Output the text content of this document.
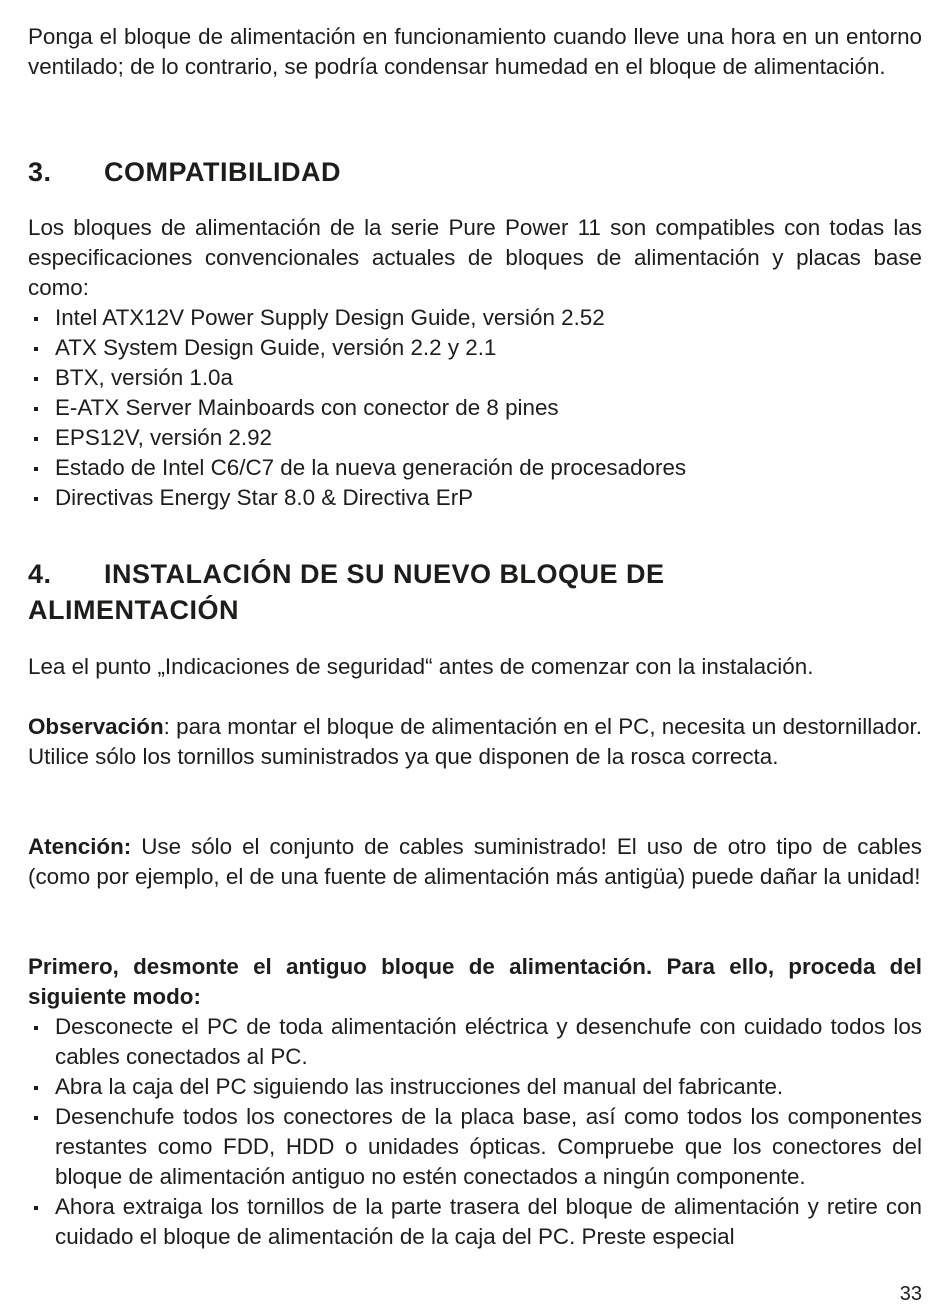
Ponga el bloque de alimentación en funcionamiento cuando lleve una hora en un entorno ventilado; de lo contrario, se podría condensar humedad en el bloque de alimentación.

3. COMPATIBILIDAD

Los bloques de alimentación de la serie Pure Power 11 son compatibles con todas las especificaciones convencionales actuales de bloques de alimentación y placas base como:

Intel ATX12V Power Supply Design Guide, versión 2.52
ATX System Design Guide, versión 2.2 y 2.1
BTX, versión 1.0a
E-ATX Server Mainboards con conector de 8 pines
EPS12V, versión 2.92
Estado de Intel C6/C7 de la nueva generación de procesadores
Directivas Energy Star 8.0 & Directiva ErP
4. INSTALACIÓN DE SU NUEVO BLOQUE DE
ALIMENTACIÓN

Lea el punto „Indicaciones de seguridad“ antes de comenzar con la instalación.

Observación: para montar el bloque de alimentación en el PC, necesita un destornillador. Utilice sólo los tornillos suministrados ya que disponen de la rosca correcta.

Atención: Use sólo el conjunto de cables suministrado! El uso de otro tipo de cables (como por ejemplo, el de una fuente de alimentación más antigüa) puede dañar la unidad!

Primero, desmonte el antiguo bloque de alimentación. Para ello, proceda del siguiente modo:

Desconecte el PC de toda alimentación eléctrica y desenchufe con cuidado todos los cables conectados al PC.
Abra la caja del PC siguiendo las instrucciones del manual del fabricante.
Desenchufe todos los conectores de la placa base, así como todos los componentes restantes como FDD, HDD o unidades ópticas. Compruebe que los conectores del bloque de alimentación antiguo no estén conectados a ningún componente.
Ahora extraiga los tornillos de la parte trasera del bloque de alimentación y retire con cuidado el bloque de alimentación de la caja del PC. Preste especial
33
